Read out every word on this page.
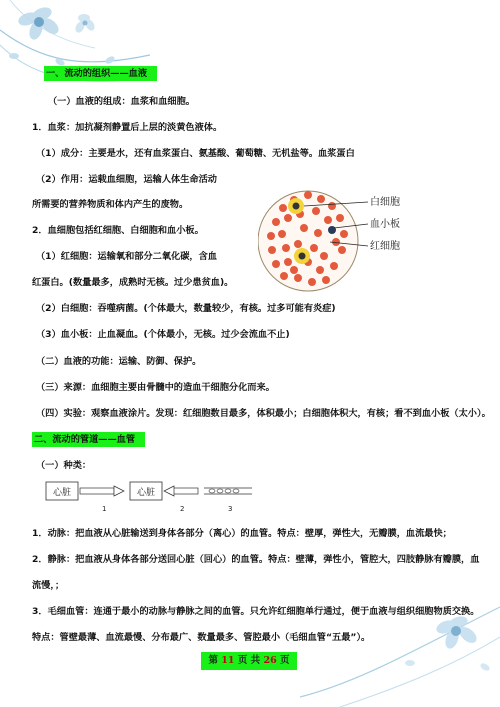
一、流动的组织——血液
（一）血液的组成：血浆和血细胞。
1．血浆：加抗凝剂静置后上层的淡黄色液体。
（1）成分：主要是水，还有血浆蛋白、氨基酸、葡萄糖、无机盐等。血浆蛋白
（2）作用：运载血细胞，运输人体生命活动
所需要的营养物质和体内产生的废物。
2．血细胞包括红细胞、白细胞和血小板。
（1）红细胞：运输氧和部分二氧化碳，含血
红蛋白。(数量最多，成熟时无核。过少患贫血)。
（2）白细胞：吞噬病菌。(个体最大，数量较少，有核。过多可能有炎症)
（3）血小板：止血凝血。(个体最小，无核。过少会流血不止)
（二）血液的功能：运输、防御、保护。
（三）来源：血细胞主要由骨髓中的造血干细胞分化而来。
（四）实验：观察血液涂片。发现：红细胞数目最多，体积最小；白细胞体积大，有核；看不到血小板（太小）。
白细胞
血小板
红细胞
二、流动的管道——血管
（一）种类：
心脏
1
心脏
2	3
1．动脉：把血液从心脏输送到身体各部分（离心）的血管。特点：壁厚，弹性大，无瓣膜，血流最快；
2．静脉：把血液从身体各部分送回心脏（回心）的血管。特点：壁薄，弹性小，管腔大，四肢静脉有瓣膜，血
流慢，；
3．毛细血管：连通于最小的动脉与静脉之间的血管。只允许红细胞单行通过，便于血液与组织细胞物质交换。
特点：管壁最薄、血流最慢、分布最广、数量最多、管腔最小（毛细血管“五最”）。
第 11 页 共 26 页
